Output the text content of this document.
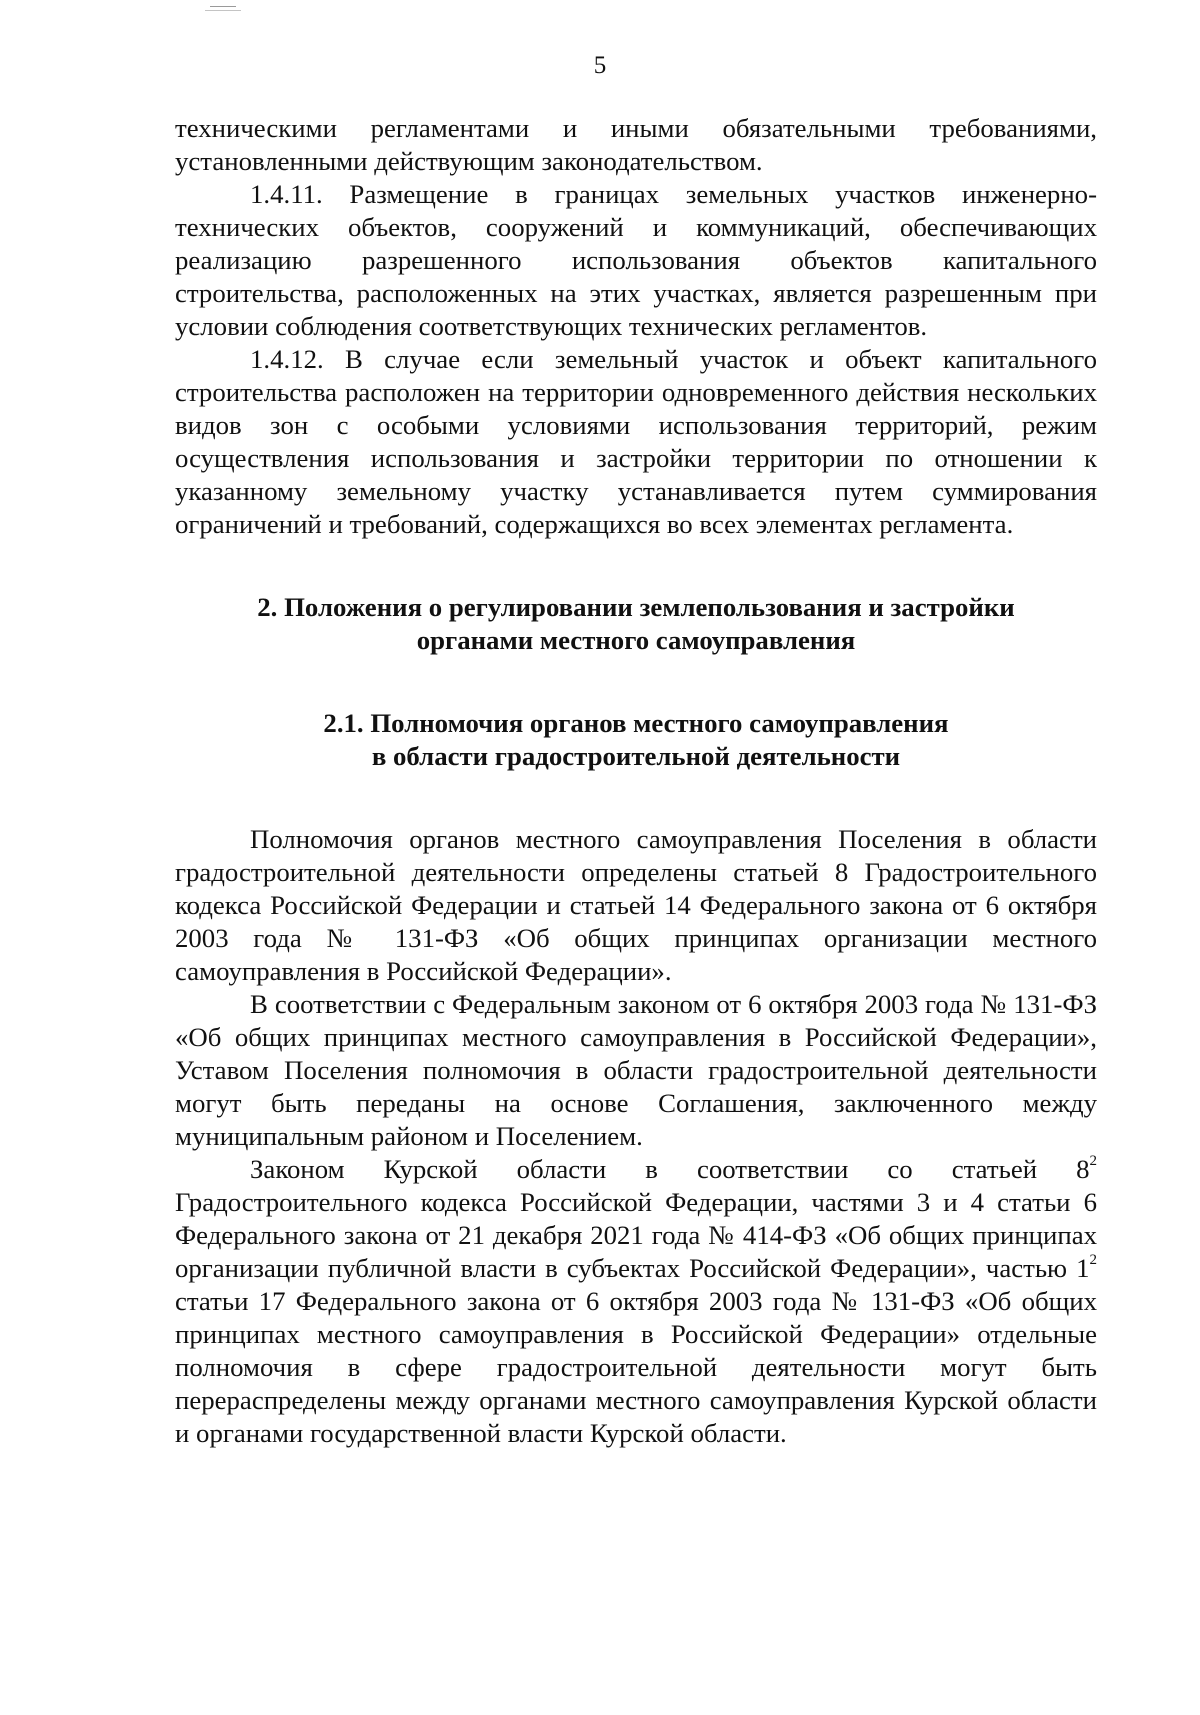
5

техническими регламентами и иными обязательными требованиями, установленными действующим законодательством.

1.4.11. Размещение в границах земельных участков инженерно-технических объектов, сооружений и коммуникаций, обеспечивающих реализацию разрешенного использования объектов капитального строительства, расположенных на этих участках, является разрешенным при условии соблюдения соответствующих технических регламентов.

1.4.12. В случае если земельный участок и объект капитального строительства расположен на территории одновременного действия нескольких видов зон с особыми условиями использования территорий, режим осуществления использования и застройки территории по отношении к указанному земельному участку устанавливается путем суммирования ограничений и требований, содержащихся во всех элементах регламента.

2. Положения о регулировании землепользования и застройки
органами местного самоуправления
2.1. Полномочия органов местного самоуправления
в области градостроительной деятельности

Полномочия органов местного самоуправления Поселения в области градостроительной деятельности определены статьей 8 Градостроительного кодекса Российской Федерации и статьей 14 Федерального закона от 6 октября 2003 года № 131-ФЗ «Об общих принципах организации местного самоуправления в Российской Федерации».

В соответствии с Федеральным законом от 6 октября 2003 года № 131-ФЗ «Об общих принципах местного самоуправления в Российской Федерации», Уставом Поселения полномочия в области градостроительной деятельности могут быть переданы на основе Соглашения, заключенного между муниципальным районом и Поселением.

Законом Курской области в соответствии со статьей $8^2$ Градостроительного кодекса Российской Федерации, частями 3 и 4 статьи 6 Федерального закона от 21 декабря 2021 года № 414-ФЗ «Об общих принципах организации публичной власти в субъектах Российской Федерации», частью $1^2$ статьи 17 Федерального закона от 6 октября 2003 года № 131-ФЗ «Об общих принципах местного самоуправления в Российской Федерации» отдельные полномочия в сфере градостроительной деятельности могут быть перераспределены между органами местного самоуправления Курской области и органами государственной власти Курской области.
